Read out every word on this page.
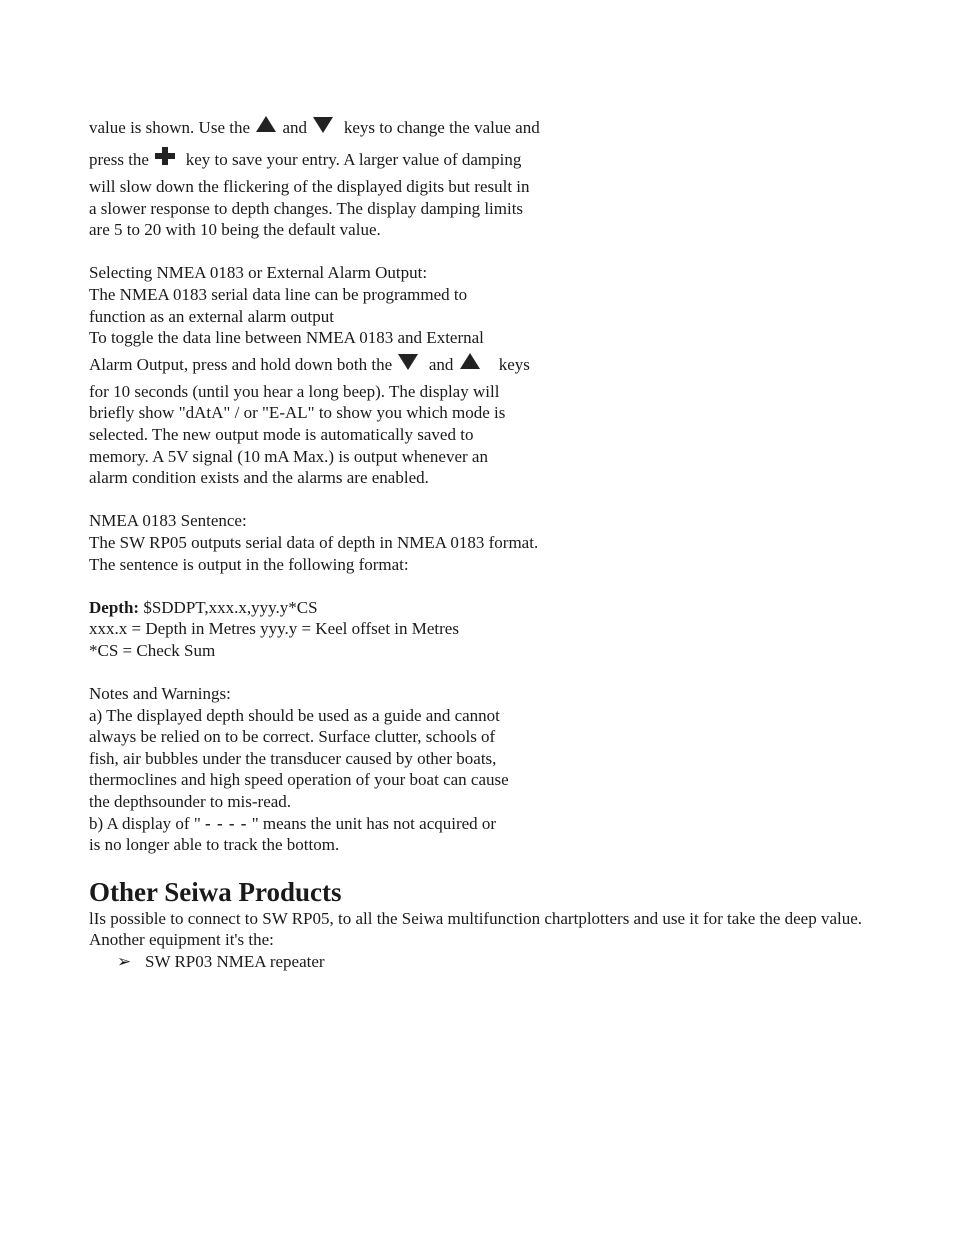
value is shown. Use the and keys to change the value and
press the key to save your entry. A larger value of damping
will slow down the flickering of the displayed digits but result in
a slower response to depth changes. The display damping limits
are 5 to 20 with 10 being the default value.
Selecting NMEA 0183 or External Alarm Output:
The NMEA 0183 serial data line can be programmed to
function as an external alarm output
To toggle the data line between NMEA 0183 and External
Alarm Output, press and hold down both the and	keys
for 10 seconds (until you hear a long beep). The display will
briefly show "dAtA" / or "E-AL" to show you which mode is
selected. The new output mode is automatically saved to
memory. A 5V signal (10 mA Max.) is output whenever an
alarm condition exists and the alarms are enabled.
NMEA 0183 Sentence:
The SW RP05 outputs serial data of depth in NMEA 0183 format.
The sentence is output in the following format:
Depth: $SDDPT,xxx.x,yyy.y*CS
xxx.x = Depth in Metres yyy.y = Keel offset in Metres
*CS = Check Sum
Notes and Warnings:
a) The displayed depth should be used as a guide and cannot
always be relied on to be correct. Surface clutter, schools of
fish, air bubbles under the transducer caused by other boats,
thermoclines and high speed operation of your boat can cause
the depthsounder to mis-read.
b) A display of " - - - - " means the unit has not acquired or
is no longer able to track the bottom.
Other Seiwa Products
lIs possible to connect to SW RP05, to all the Seiwa multifunction chartplotters and use it for take the deep value. Another equipment it's the:
➢ SW RP03 NMEA repeater
